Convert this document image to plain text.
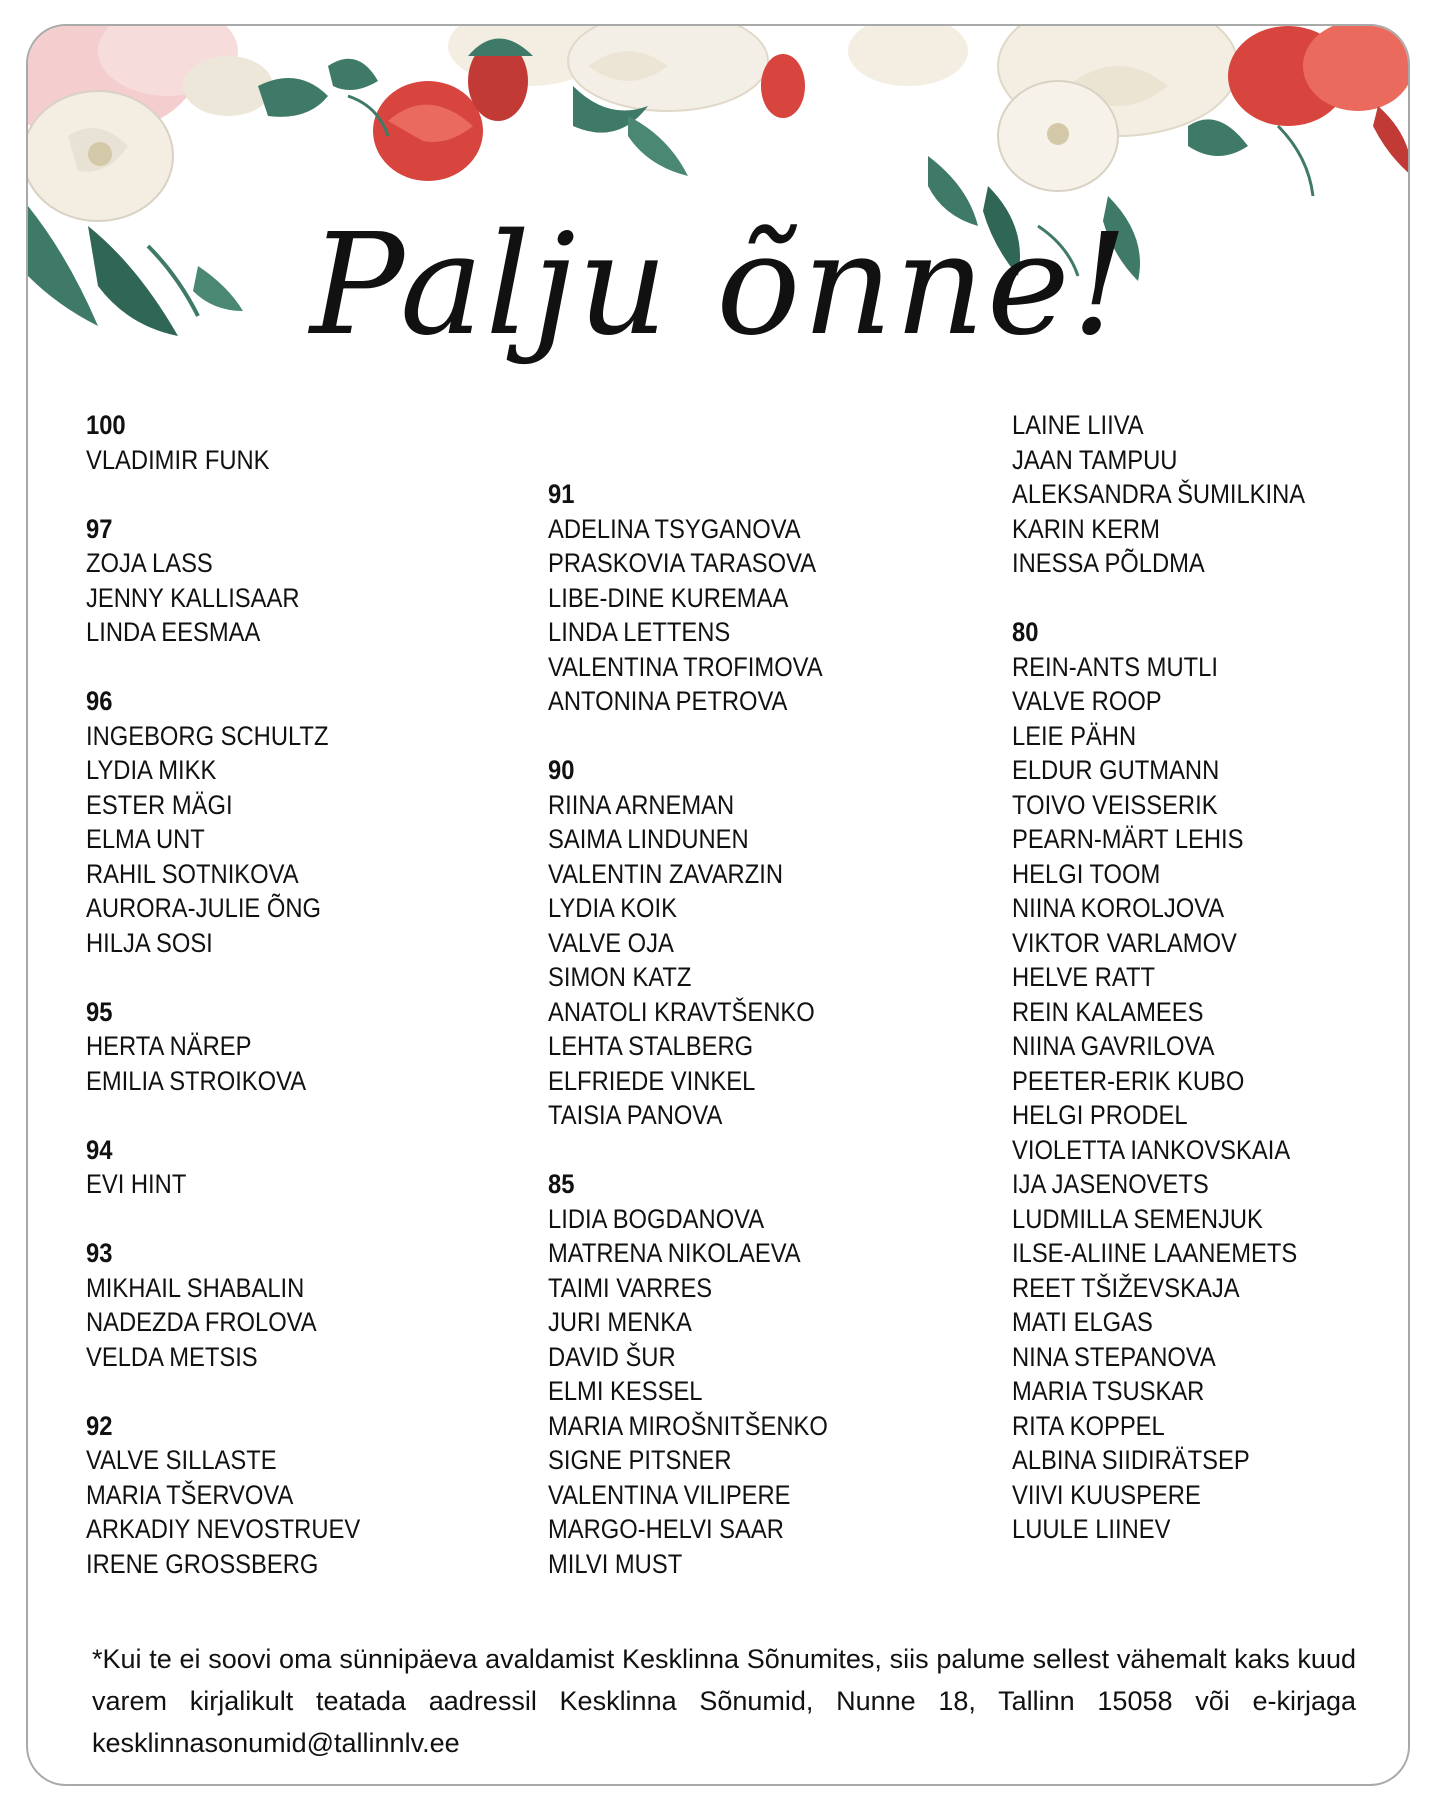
Palju õnne!
100
VLADIMIR FUNK
97
ZOJA LASS
JENNY KALLISAAR
LINDA EESMAA
96
INGEBORG SCHULTZ
LYDIA MIKK
ESTER MÄGI
ELMA UNT
RAHIL SOTNIKOVA
AURORA-JULIE ÕNG
HILJA SOSI
95
HERTA NÄREP
EMILIA STROIKOVA
94
EVI HINT
93
MIKHAIL SHABALIN
NADEZDA FROLOVA
VELDA METSIS
92
VALVE SILLASTE
MARIA TŠERVOVA
ARKADIY NEVOSTRUEV
IRENE GROSSBERG
91
ADELINA TSYGANOVA
PRASKOVIA TARASOVA
LIBE-DINE KUREMAA
LINDA LETTENS
VALENTINA TROFIMOVA
ANTONINA PETROVA
90
RIINA ARNEMAN
SAIMA LINDUNEN
VALENTIN ZAVARZIN
LYDIA KOIK
VALVE OJA
SIMON KATZ
ANATOLI KRAVTŠENKO
LEHTA STALBERG
ELFRIEDE VINKEL
TAISIA PANOVA
85
LIDIA BOGDANOVA
MATRENA NIKOLAEVA
TAIMI VARRES
JURI MENKA
DAVID ŠUR
ELMI KESSEL
MARIA MIROŠNITŠENKO
SIGNE PITSNER
VALENTINA VILIPERE
MARGO-HELVI SAAR
MILVI MUST
LAINE LIIVA
JAAN TAMPUU
ALEKSANDRA ŠUMILKINA
KARIN KERM
INESSA PÕLDMA
80
REIN-ANTS MUTLI
VALVE ROOP
LEIE PÄHN
ELDUR GUTMANN
TOIVO VEISSERIK
PEARN-MÄRT LEHIS
HELGI TOOM
NIINA KOROLJOVA
VIKTOR VARLAMOV
HELVE RATT
REIN KALAMEES
NIINA GAVRILOVA
PEETER-ERIK KUBO
HELGI PRODEL
VIOLETTA IANKOVSKAIA
IJA JASENOVETS
LUDMILLA SEMENJUK
ILSE-ALIINE LAANEMETS
REET TŠIŽEVSKAJA
MATI ELGAS
NINA STEPANOVA
MARIA TSUSKAR
RITA KOPPEL
ALBINA SIIDIRÄTSEP
VIIVI KUUSPERE
LUULE LIINEV
*Kui te ei soovi oma sünnipäeva avaldamist Kesklinna Sõnumites, siis palume sellest vähemalt kaks kuud varem kirjalikult teatada aadressil Kesklinna Sõnumid, Nunne 18, Tallinn 15058 või e-kirjaga kesklinnasonumid@tallinnlv.ee
